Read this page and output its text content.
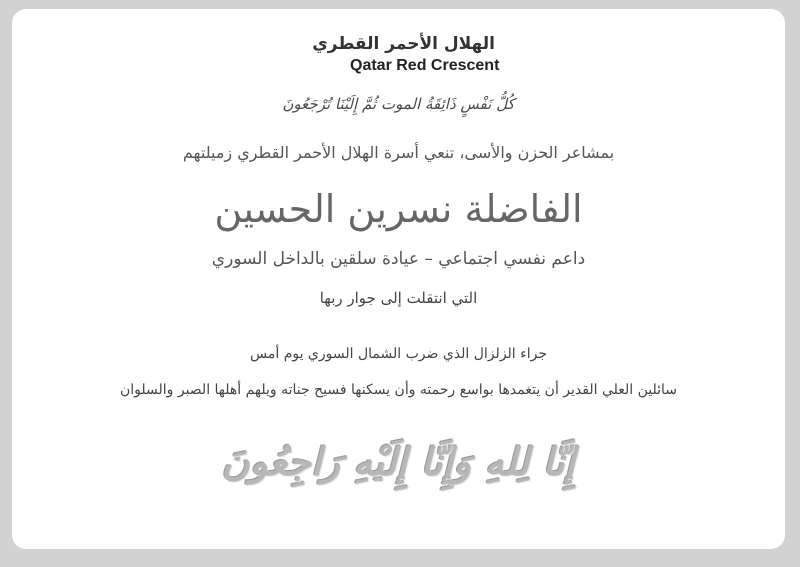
الهلال الأحمر القطري
Qatar Red Crescent
كُلُّ نَفْسٍ ذَائِقَةُ الموت ثُمَّ إِلَيْنَا تُرْجَعُونَ
بمشاعر الحزن والأسى، تنعي أسرة الهلال الأحمر القطري زميلتهم
الفاضلة نسرين الحسين
داعم نفسي اجتماعي – عيادة سلقين بالداخل السوري
التي انتقلت إلى جوار ربها
جراء الزلزال الذي ضرب الشمال السوري يوم أمس
سائلين العلي القدير أن يتغمدها بواسع رحمته وأن يسكنها فسيح جناته ويلهم أهلها الصبر والسلوان
إِنَّا لِلهِ وَإِنَّا إِلَيْهِ رَاجِعُونَ
